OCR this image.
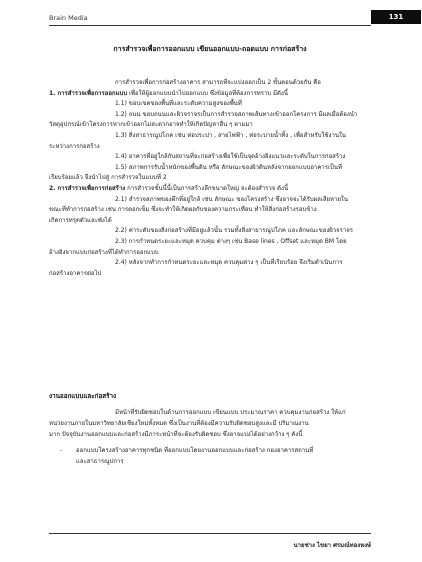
Brain Media	131
การสำรวจเพื่อการออกแบบ เขียนออกแบบ-ถอดแบบ การก่อสร้าง

การสำรวจเพื่อการก่อสร้างอาคาร สามารถที่จะแบ่งออกเป็น 2 ขั้นตอนด้วยกัน คือ

1. การสำรวจเพื่อการออกแบบ เพื่อให้ผู้ออกแบบนำไปออกแบบ ซึ่งข้อมูลที่ต้องการทราบ มีดังนี้

1.1) ขอบเขตของพื้นที่และระดับความสูงของพื้นที่

1.2) ถนน ขอบถนนและผิวจราจรเป็นการสำรวจสภาพเส้นทางเข้าออกโครงการ มีผลเมื่อต้องนำ

วัสดุอุปกรณ์เข้าโครงการหากเข้าออกไม่สะดวกอาจทำให้เกิดปัญหาอื่น ๆ ตามมา

1.3) สิ่งสาธารณูปโภค เช่น ท่อประปา , สายไฟฟ้า , ท่อระบายน้ำทิ้ง , เพื่อสำหรับใช้งานใน

ระหว่างการก่อสร้าง

1.4) อาคารที่อยู่ใกล้กับสถานที่จะก่อสร้างเพื่อใช้เป็นจุดอ้างอิงแนวและระดับในการก่อสร้าง

1.5) สภาพการรับน้ำหนักของพื้นดิน หรือ ลักษณะของผิวดินหลังจากออกแบบอาคารเป็นที่

เรียบร้อยแล้ว จึงนำไปสู่ การสำรวจในแบบที่ 2

2. การสำรวจเพื่อการก่อสร้าง การสำรวจขั้นนี้นี้เป็นการสร้างลึกขนาดใหญ่ จะต้องสำรวจ ดังนี้

2.1) สำรวจสภาพของตึกที่อยู่ใกล้ เช่น ลักษณะ ของโครงสร้าง ซึ่งอาจจะได้รับผลเสียหายใน

ขณะที่ทำการก่อสร้าง เช่น การตอกเข็ม ซึ่งจะทำให้เกิดผลกับของความกระเทือน ทำให้สิ่งก่อสร้างรอบข้าง

เกิดการทรุดตัวและพังได้

2.2) ค่าระดับของสิ่งก่อสร้างที่มีอยู่แล้วนั้น รวมทั้งสิ่งสาธารณูปโภค และลักษณะของผิวจราจร

2.3) การกำหนดระยะและหมุด ควบคุม ต่างๆ เช่น Base lines , Offset และหมุด BM โดย

อ้างอิงจากแบบก่อสร้างที่ได้ทำการออกแบบ

2.4) หลังจากทำการกำหนดระยะและหมุด ควบคุมต่าง ๆ เป็นที่เรียบร้อย จึงเริ่มดำเนินการ

ก่อสร้างอาคารต่อไป

งานออกแบบและก่อสร้าง

มีหน้าที่รับผิดชอบในด้านการออกแบบ เขียนแบบ ประมาณราคา ควบคุมงานก่อสร้าง ให้แก่

หน่วยงานภายในมหาวิทยาลัยเชียงใหม่ทั้งหมด ซึ่งเป็นงานที่ต้องมีความรับผิดชอบสูงและมี ปริมาณงาน

มาก ปัจจุบันงานออกแบบและก่อสร้างมีภาระหน้าที่จะต้องรับผิดชอบ ซึ่งอาจแบ่งได้อย่างกว้าง ๆ ดังนี้

- ออกแบบโครงสร้างอาคารทุกชนิด ที่ออกแบบโดยงานออกแบบและก่อสร้าง กองอาคารสถานที่

และสาธารณูปการ

นายช่าง ไขยา ศรมณ์ทองหงษ์
